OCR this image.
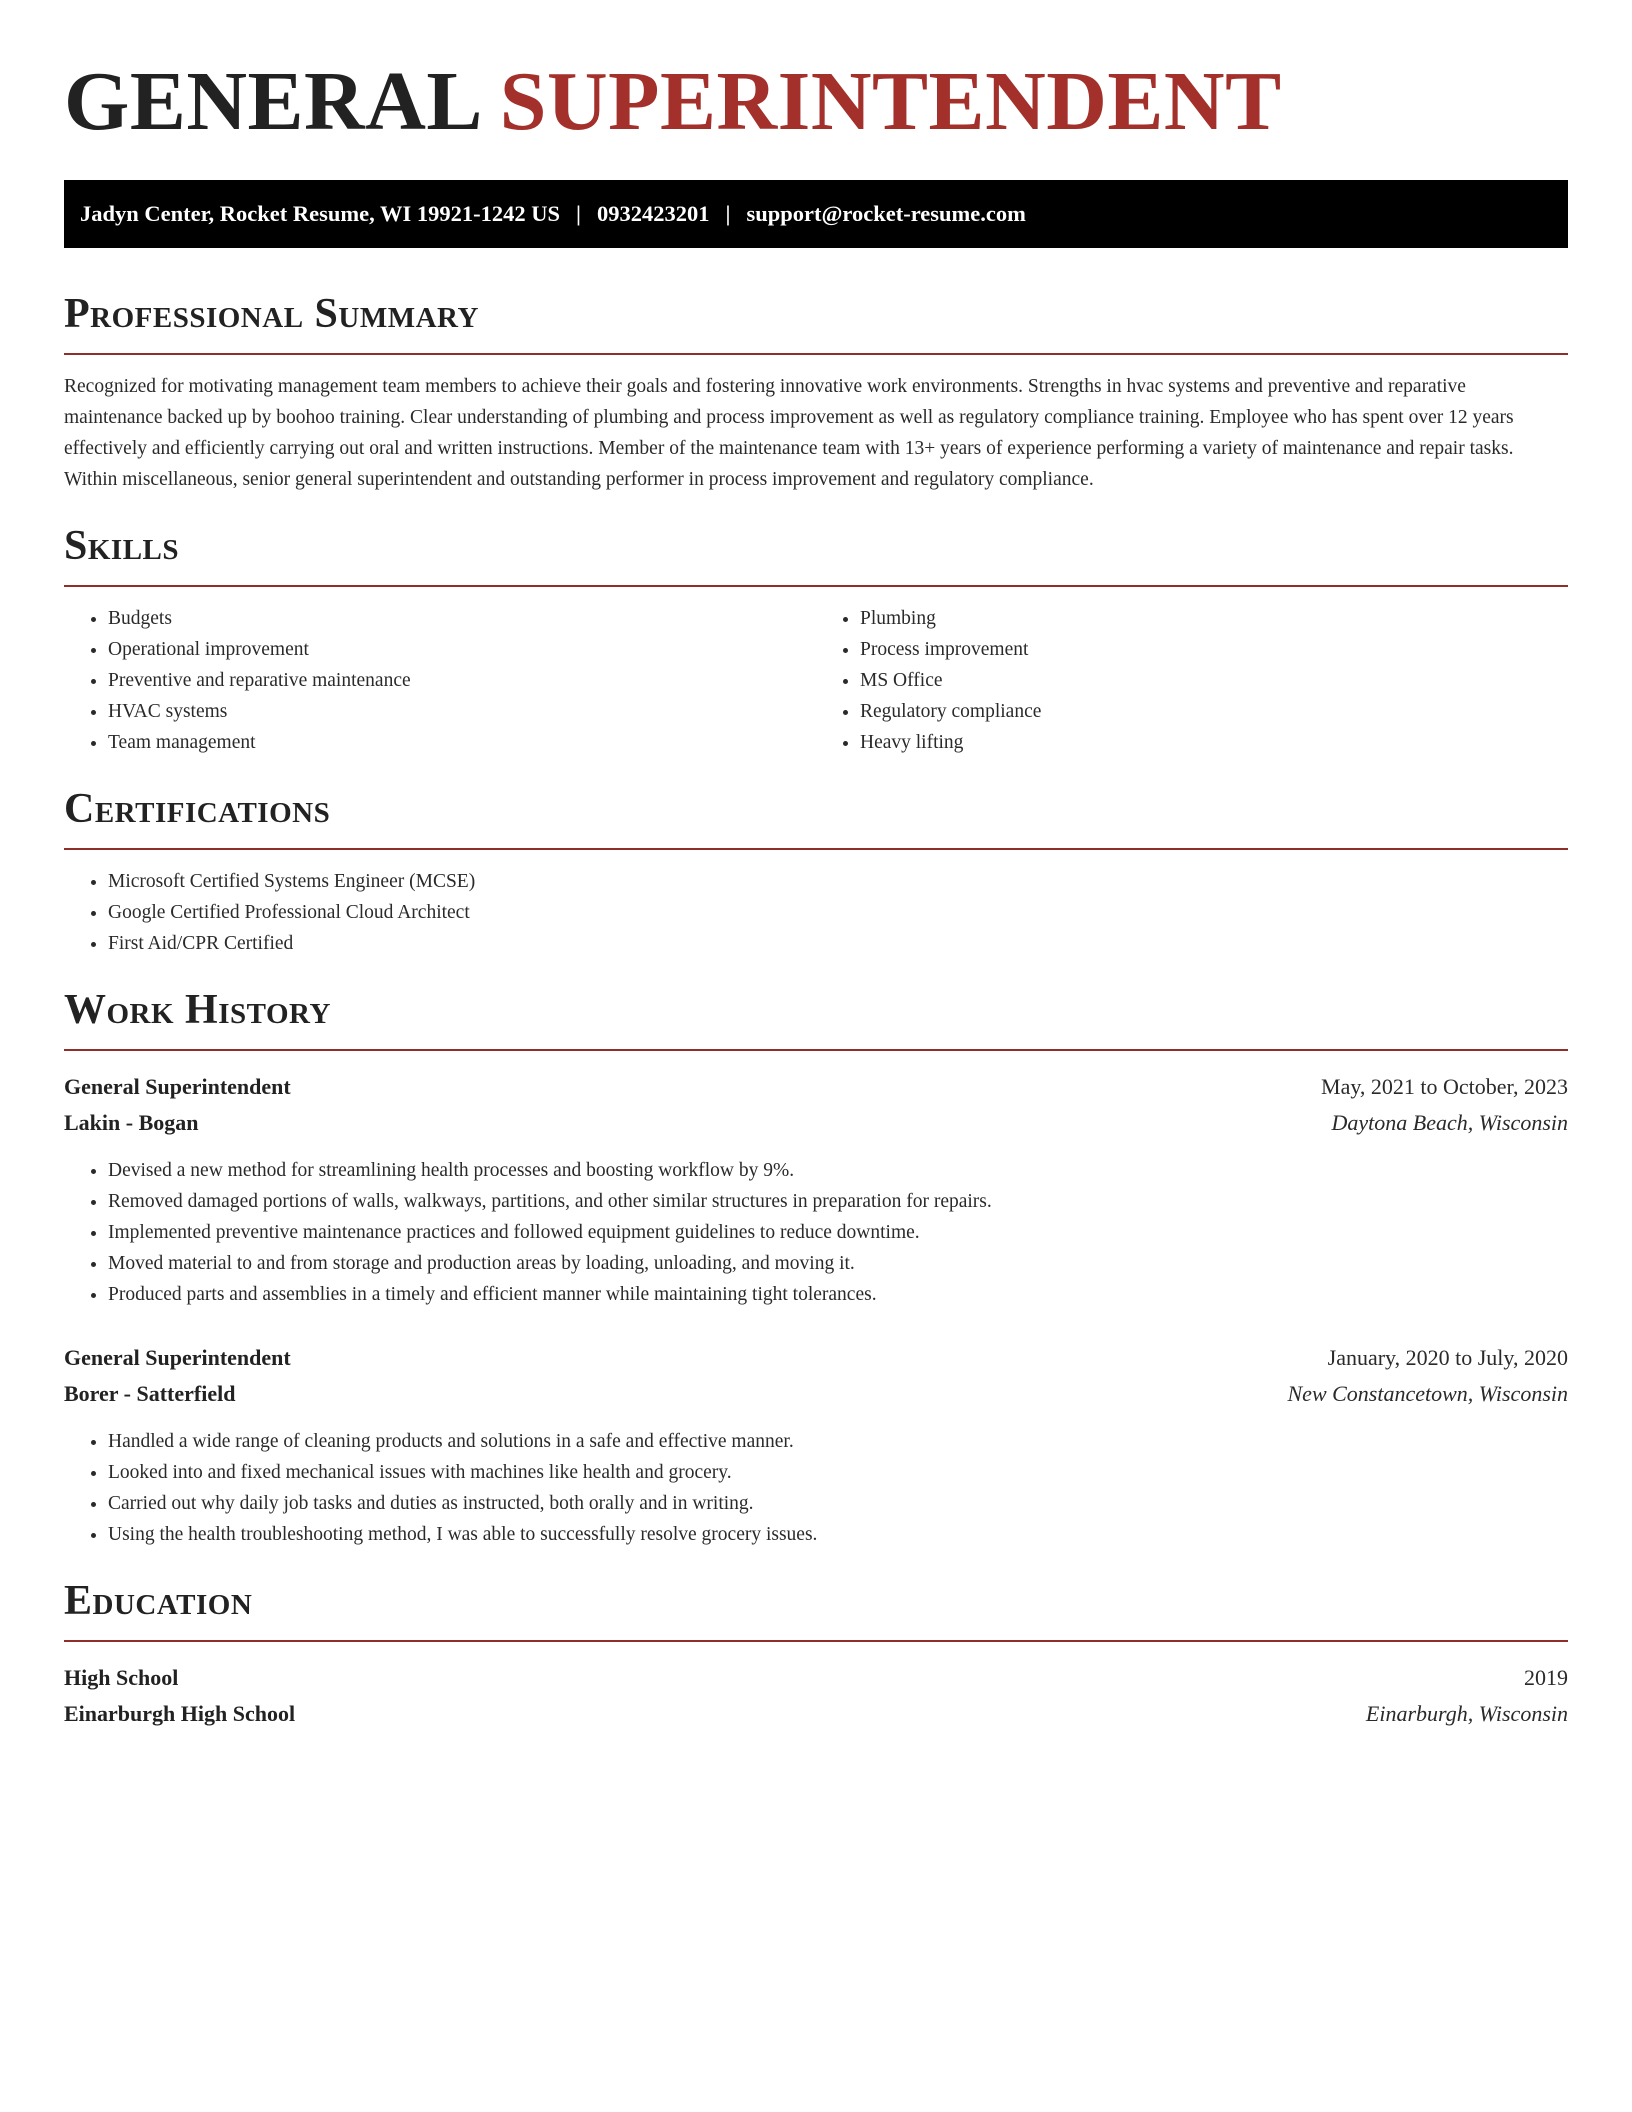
GENERAL SUPERINTENDENT
Jadyn Center, Rocket Resume, WI 19921-1242 US | 0932423201 | support@rocket-resume.com
Professional Summary

Recognized for motivating management team members to achieve their goals and fostering innovative work environments. Strengths in hvac systems and preventive and reparative maintenance backed up by boohoo training. Clear understanding of plumbing and process improvement as well as regulatory compliance training. Employee who has spent over 12 years effectively and efficiently carrying out oral and written instructions. Member of the maintenance team with 13+ years of experience performing a variety of maintenance and repair tasks. Within miscellaneous, senior general superintendent and outstanding performer in process improvement and regulatory compliance.

Skills
• Budgets
• Operational improvement
• Preventive and reparative maintenance
• HVAC systems
• Team management
• Plumbing
• Process improvement
• MS Office
• Regulatory compliance
• Heavy lifting
Certifications
• Microsoft Certified Systems Engineer (MCSE)
• Google Certified Professional Cloud Architect
• First Aid/CPR Certified
Work History
General Superintendent	May, 2021 to October, 2023
Lakin - Bogan	Daytona Beach, Wisconsin
• Devised a new method for streamlining health processes and boosting workflow by 9%.
• Removed damaged portions of walls, walkways, partitions, and other similar structures in preparation for repairs.
• Implemented preventive maintenance practices and followed equipment guidelines to reduce downtime.
• Moved material to and from storage and production areas by loading, unloading, and moving it.
• Produced parts and assemblies in a timely and efficient manner while maintaining tight tolerances.
General Superintendent	January, 2020 to July, 2020
Borer - Satterfield	New Constancetown, Wisconsin
• Handled a wide range of cleaning products and solutions in a safe and effective manner.
• Looked into and fixed mechanical issues with machines like health and grocery.
• Carried out why daily job tasks and duties as instructed, both orally and in writing.
• Using the health troubleshooting method, I was able to successfully resolve grocery issues.
Education
High School	2019
Einarburgh High School	Einarburgh, Wisconsin
